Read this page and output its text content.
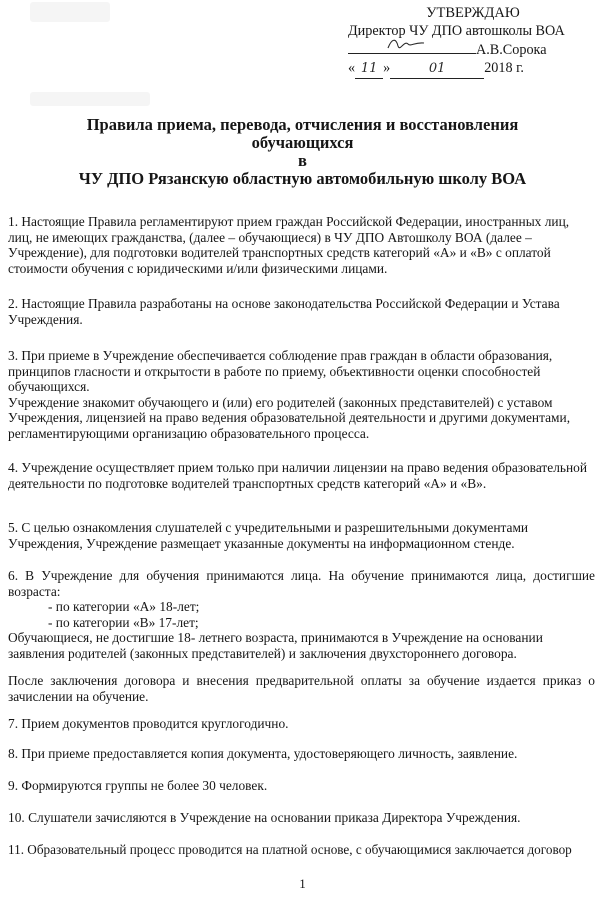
УТВЕРЖДАЮ
Директор ЧУ ДПО автошколы ВОА
А.В.Сорока
« 11 »	01	2018 г.
Правила приема, перевода, отчисления и восстановления
обучающихся
в
ЧУ ДПО Рязанскую областную автомобильную школу ВОА

1. Настоящие Правила регламентируют прием граждан Российской Федерации, иностранных лиц, лиц, не имеющих гражданства, (далее – обучающиеся) в ЧУ ДПО Автошколу ВОА (далее – Учреждение), для подготовки водителей транспортных средств категорий «А» и «В» с оплатой стоимости обучения с юридическими и/или физическими лицами.

2. Настоящие Правила разработаны на основе законодательства Российской Федерации и Устава Учреждения.

3. При приеме в Учреждение обеспечивается соблюдение прав граждан в области образования, принципов гласности и открытости в работе по приему, объективности оценки способностей обучающихся.

Учреждение знакомит обучающего и (или) его родителей (законных представителей) с уставом Учреждения, лицензией на право ведения образовательной деятельности и другими документами, регламентирующими организацию образовательного процесса.

4. Учреждение осуществляет прием только при наличии лицензии на право ведения образовательной деятельности по подготовке водителей транспортных средств категорий «А» и «В».

5. С целью ознакомления слушателей с учредительными и разрешительными документами Учреждения, Учреждение размещает указанные документы на информационном стенде.

6. В Учреждение для обучения принимаются лица. На обучение принимаются лица, достигшие возраста:

- по категории «А» 18-лет;

- по категории «В» 17-лет;

Обучающиеся, не достигшие 18- летнего возраста, принимаются в Учреждение на основании заявления родителей (законных представителей) и заключения двухстороннего договора.

После заключения договора и внесения предварительной оплаты за обучение издается приказ о зачислении на обучение.

7. Прием документов проводится круглогодично.

8. При приеме предоставляется копия документа, удостоверяющего личность, заявление.

9. Формируются группы не более 30 человек.

10. Слушатели зачисляются в Учреждение на основании приказа Директора Учреждения.

11. Образовательный процесс проводится на платной основе, с обучающимися заключается договор

1
